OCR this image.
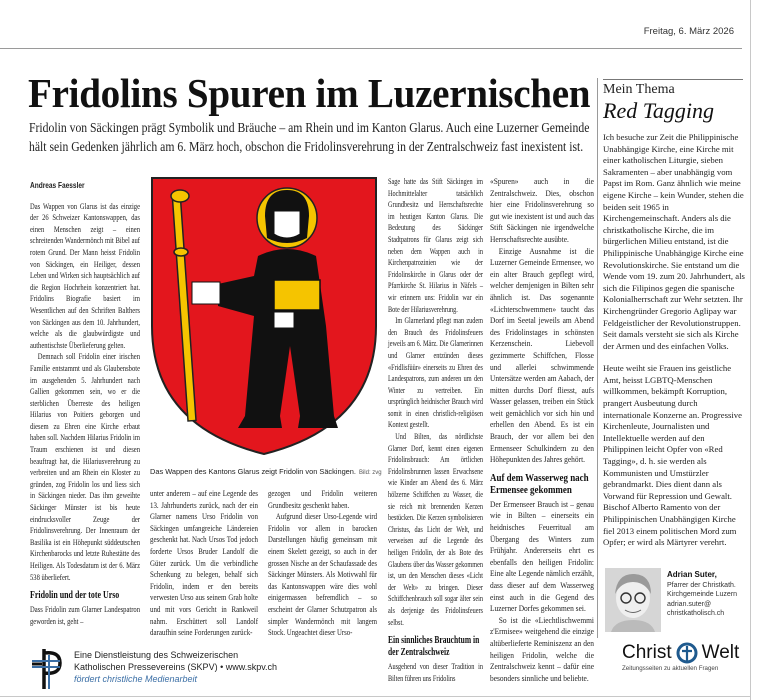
Freitag, 6. März 2026
Fridolins Spuren im Luzernischen
Fridolin von Säckingen prägt Symbolik und Bräuche – am Rhein und im Kanton Glarus. Auch eine Luzerner Gemeinde hält sein Gedenken jährlich am 6. März hoch, obschon die Fridolinsverehrung in der Zentralschweiz fast inexistent ist.

Andreas Faessler

Das Wappen von Glarus ist das einzige der 26 Schweizer Kantonswappen, das einen Menschen zeigt – einen schreitenden Wandermönch mit Bibel auf rotem Grund. Der Mann heisst Fridolin von Säckingen, ein Heiliger, dessen Leben und Wirken sich hauptsächlich auf die Region Hochrhein konzentriert hat. Fridolins Biografie basiert im Wesentlichen auf den Schriften Balthers von Säckingen aus dem 10. Jahrhundert, welche als die glaubwürdigste und authentischste Überlieferung gelten.

Demnach soll Fridolin einer irischen Familie entstammt und als Glaubensbote im ausgehenden 5. Jahrhundert nach Gallien gekommen sein, wo er die sterblichen Überreste des heiligen Hilarius von Poitiers geborgen und diesem zu Ehren eine Kirche erbaut haben soll. Nachdem Hilarius Fridolin im Traum erschienen ist und diesen beauftragt hat, die Hilariusverehrung zu verbreiten und am Rhein ein Kloster zu gründen, zog Fridolin los und liess sich in Säckingen nieder. Das ihm geweihte Säckinger Münster ist bis heute eindrucksvoller Zeuge der Fridolinsverehrung. Der Innenraum der Basilika ist ein Höhepunkt süddeutschen Kirchenbarocks und letzte Ruhestätte des Heiligen. Als Todesdatum ist der 6. März 538 überliefert.

Fridolin und der tote Urso

Dass Fridolin zum Glarner Landespatron geworden ist, geht –

Das Wappen des Kantons Glarus zeigt Fridolin von Säckingen. Bild: zvg

unter anderem – auf eine Legende des 13. Jahrhunderts zurück, nach der ein Glarner namens Urso Fridolin von Säckingen umfangreiche Ländereien geschenkt hat. Nach Ursos Tod jedoch forderte Ursos Bruder Landolf die Güter zurück. Um die verbindliche Schenkung zu belegen, behalf sich Fridolin, indem er den bereits verwesten Urso aus seinem Grab holte und mit vors Gericht in Rankweil nahm. Erschüttert soll Landolf daraufhin seine Forderungen zurück-

gezogen und Fridolin weiteren Grundbesitz geschenkt haben.

Aufgrund dieser Urso-Legende wird Fridolin vor allem in barocken Darstellungen häufig gemeinsam mit einem Skelett gezeigt, so auch in der grossen Nische an der Schaufassade des Säckinger Münsters. Als Motivwahl für das Kantonswappen wäre dies wohl einigermassen befremdlich – so erscheint der Glarner Schutzpatron als simpler Wandermönch mit langem Stock. Ungeachtet dieser Urso-

Sage hatte das Stift Säckingen im Hochmittelalter tatsächlich Grundbesitz und Herrschaftsrechte im heutigen Kanton Glarus. Die Bedeutung des Säckinger Stadtpatrons für Glarus zeigt sich neben dem Wappen auch in Kirchenpatrozinien wie der Fridolinskirche in Glarus oder der Pfarrkirche St. Hilarius in Näfels – wir erinnern uns: Fridolin war ein Bote der Hilariusverehrung.

Im Glarnerland pflegt man zudem den Brauch des Fridolinsfeuers jeweils am 6. März. Die Glarnerinnen und Glarner entzünden dieses «Fridlisfüür» einerseits zu Ehren des Landespatrons, zum anderen um den Winter zu vertreiben. Ein ursprünglich heidnischer Brauch wird somit in einen christlich-religiösen Kontext gestellt.

Und Bilten, das nördlichste Glarner Dorf, kennt einen eigenen Fridolinsbrauch: Am örtlichen Fridolinsbrunnen lassen Erwachsene wie Kinder am Abend des 6. März hölzerne Schiffchen zu Wasser, die sie reich mit brennenden Kerzen bestücken. Die Kerzen symbolisieren Christus, das Licht der Welt, und verweisen auf die Legende des heiligen Fridolin, der als Bote des Glaubens über das Wasser gekommen ist, um den Menschen dieses «Licht der Welt» zu bringen. Dieser Schiffchenbrauch soll sogar älter sein als derjenige des Fridolinsfeuers selbst.

Ein sinnliches Brauchtum in der Zentralschweiz

Ausgehend von dieser Tradition in Bilten führen uns Fridolins

«Spuren» auch in die Zentralschweiz. Dies, obschon hier eine Fridolinsverehrung so gut wie inexistent ist und auch das Stift Säckingen nie irgendwelche Herrschaftsrechte ausübte.

Einzige Ausnahme ist die Luzerner Gemeinde Ermensee, wo ein alter Brauch gepflegt wird, welcher demjenigen in Bilten sehr ähnlich ist. Das sogenannte «Lichterschwemmen» taucht das Dorf im Seetal jeweils am Abend des Fridolinstages in schönsten Kerzenschein. Liebevoll gezimmerte Schiffchen, Flosse und allerlei schwimmende Untersätze werden am Aabach, der mitten durchs Dorf fliesst, aufs Wasser gelassen, treiben ein Stück weit gemächlich vor sich hin und erhellen den Abend. Es ist ein Brauch, der vor allem bei den Ermenseer Schulkindern zu den Höhepunkten des Jahres gehört.

Auf dem Wasserweg nach Ermensee gekommen

Der Ermenseer Brauch ist – genau wie in Bilten – einerseits ein heidnisches Feuerritual am Übergang des Winters zum Frühjahr. Andererseits ehrt es ebenfalls den heiligen Fridolin: Eine alte Legende nämlich erzählt, dass dieser auf dem Wasserweg einst auch in die Gegend des Luzerner Dorfes gekommen sei.

So ist die «Liechtlischwemmi z'Ermisee» weitgehend die einzige altüberlieferte Reminiszenz an den heiligen Fridolin, welche die Zentralschweiz kennt – dafür eine besonders sinnliche und beliebte.

Mein Thema
Red Tagging

Ich besuche zur Zeit die Philippinische Unabhängige Kirche, eine Kirche mit einer katholischen Liturgie, sieben Sakramenten – aber unabhängig vom Papst im Rom. Ganz ähnlich wie meine eigene Kirche – kein Wunder, stehen die beiden seit 1965 in Kirchengemeinschaft. Anders als die christkatholische Kirche, die im bürgerlichen Milieu entstand, ist die Philippinische Unabhängige Kirche eine Revolutionskirche. Sie entstand um die Wende vom 19. zum 20. Jahrhundert, als sich die Filipinos gegen die spanische Kolonialherrschaft zur Wehr setzten. Ihr Kirchengründer Gregorio Aglipay war Feldgeistlicher der Revolutionstruppen. Seit damals versteht sie sich als Kirche der Armen und des einfachen Volks.

Heute weiht sie Frauen ins geistliche Amt, heisst LGBTQ-Menschen willkommen, bekämpft Korruption, prangert Ausbeutung durch internationale Konzerne an. Progressive Kirchenleute, Journalisten und Intellektuelle werden auf den Philippinen leicht Opfer von «Red Tagging», d. h. sie werden als Kommunisten und Umstürzler gebrandmarkt. Dies dient dann als Vorwand für Repression und Gewalt. Bischof Alberto Ramento von der Philippinischen Unabhängigen Kirche fiel 2013 einem politischen Mord zum Opfer; er wird als Märtyrer verehrt.

Adrian Suter,
Pfarrer der Christkath. Kirchgemeinde Luzern
adrian.suter@ christkatholisch.ch
Christ Welt
Zeitungsseiten zu aktuellen Fragen
Eine Dienstleistung des Schweizerischen
Katholischen Pressevereins (SKPV) • www.skpv.ch
fördert christliche Medienarbeit
